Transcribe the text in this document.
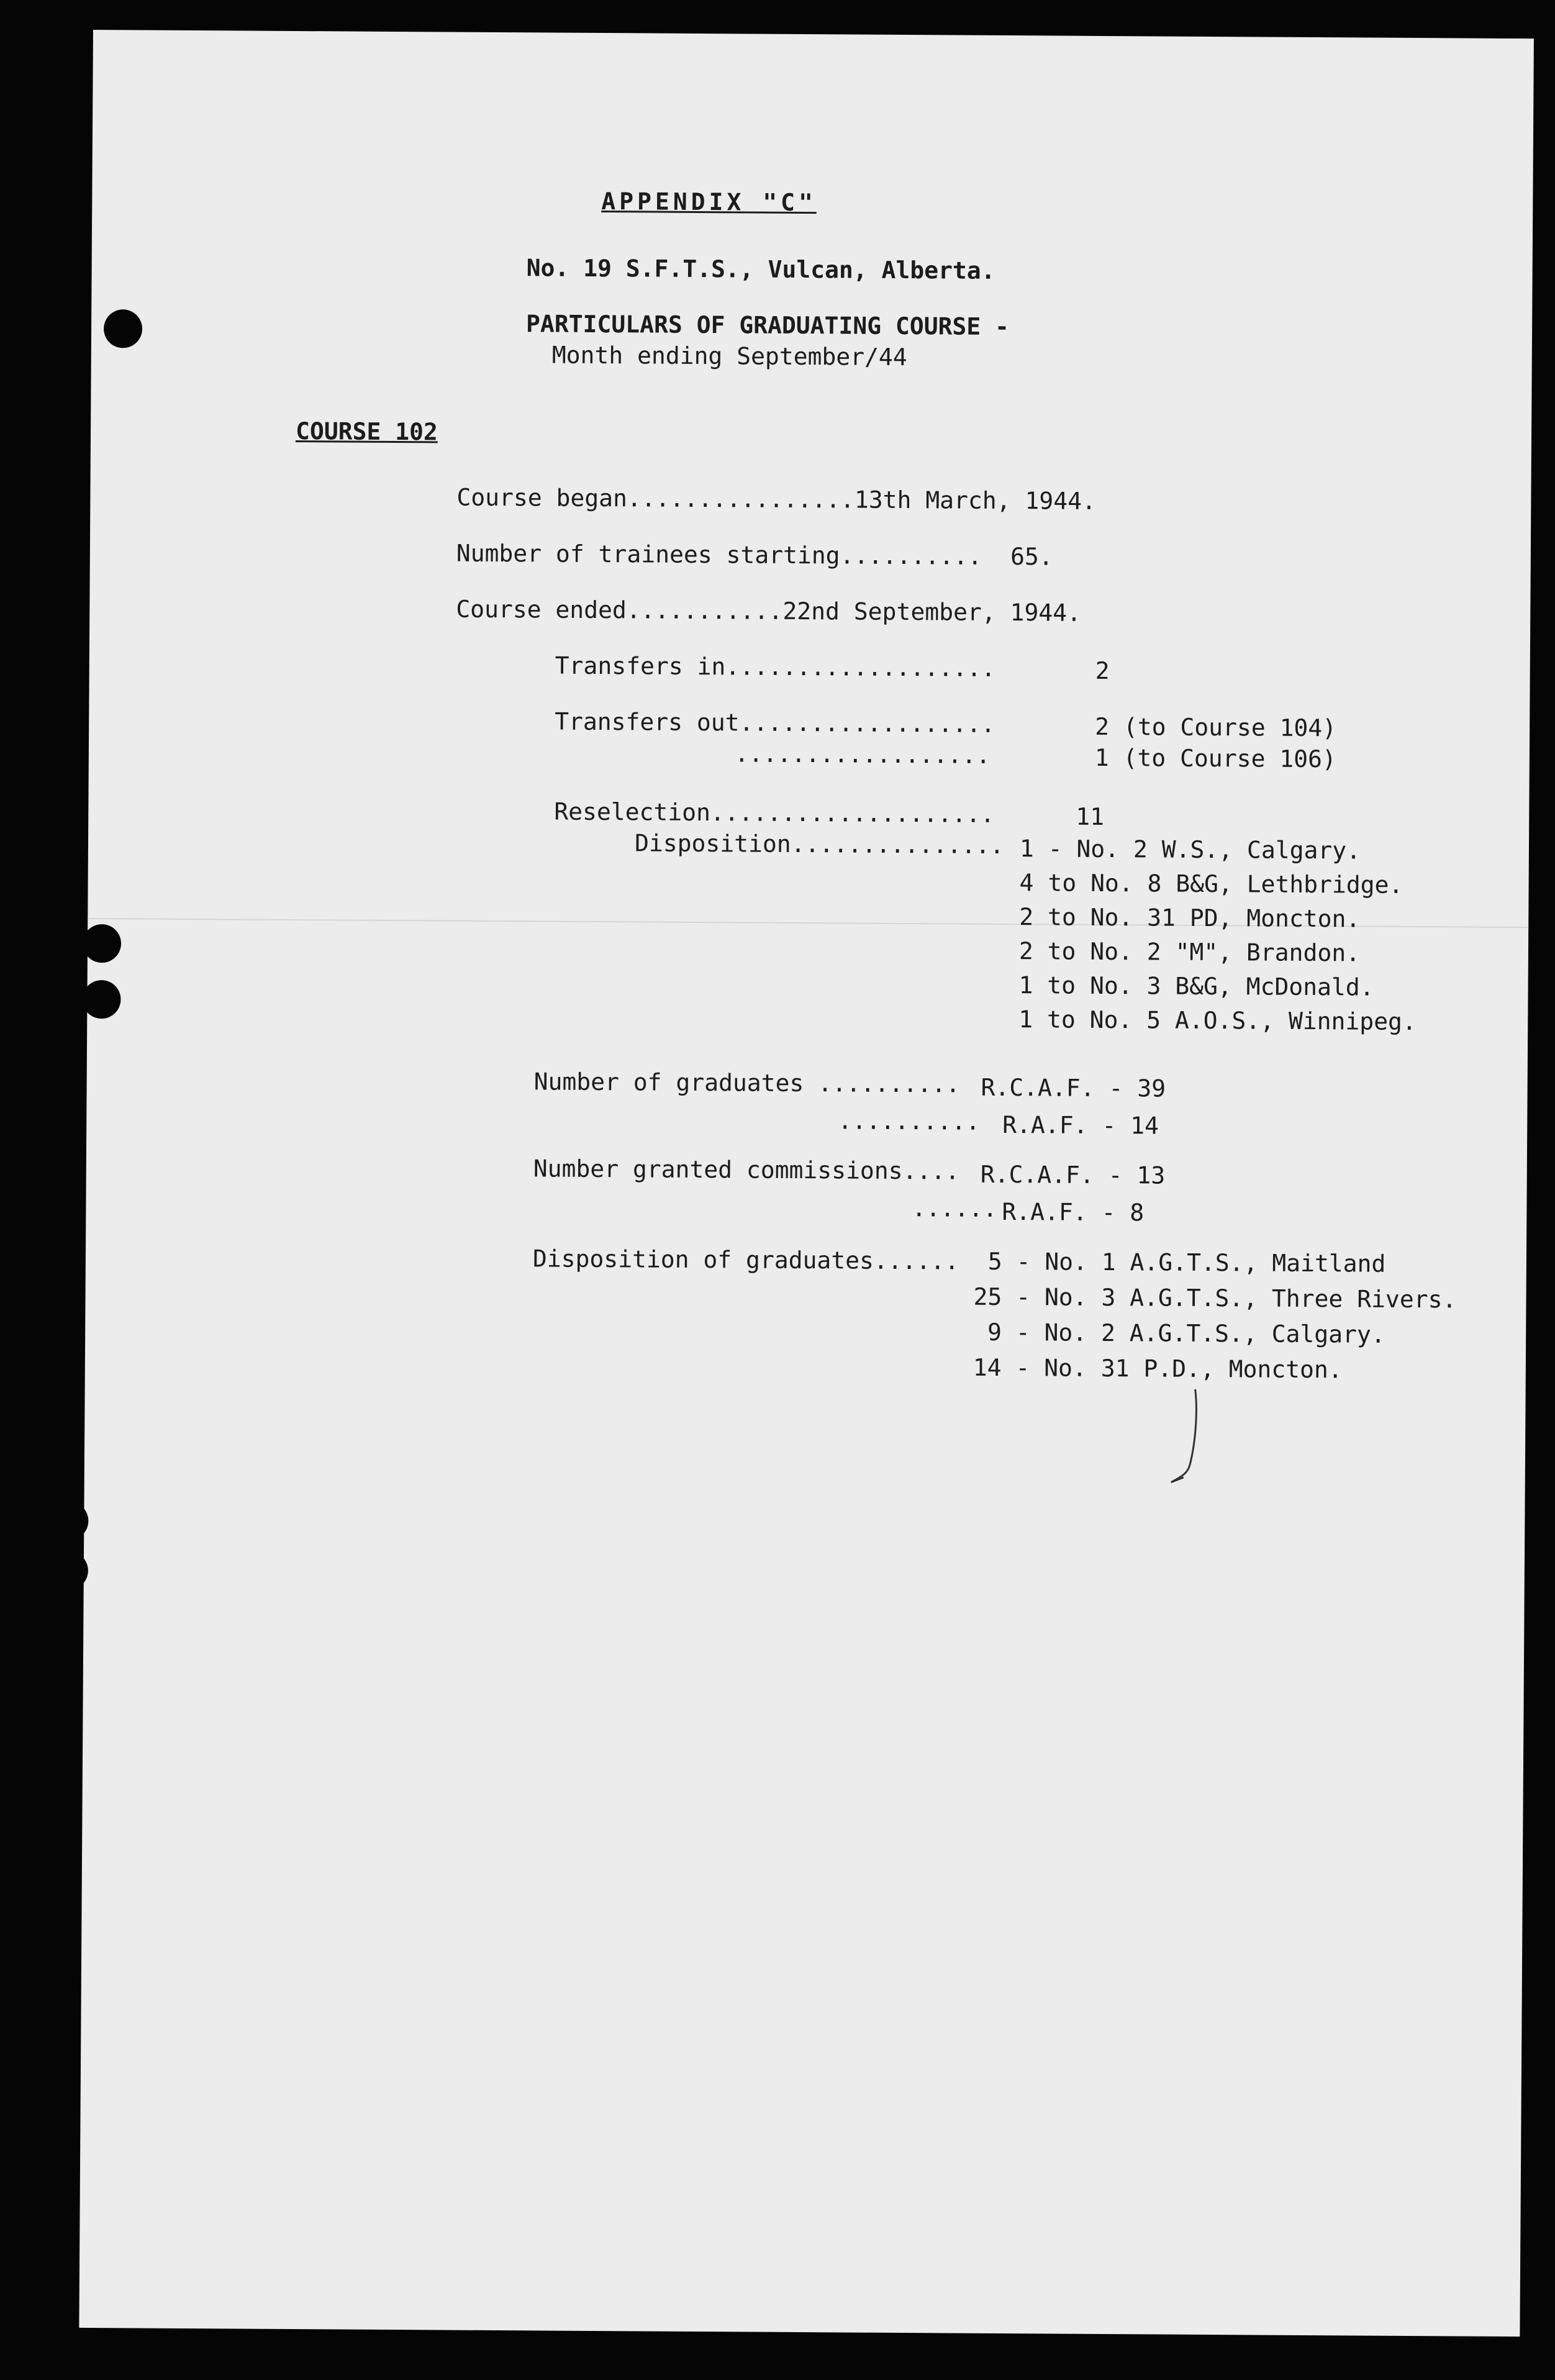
APPENDIX "C"
No. 19 S.F.T.S., Vulcan, Alberta.
PARTICULARS OF GRADUATING COURSE -
Month ending September/44
COURSE 102
Course began................13th March, 1944.
Number of trainees starting..........  65.
Course ended...........22nd September, 1944.
Transfers in...................	2
Transfers out..................	2 (to Course 104)
..................	1 (to Course 106)
Reselection....................	11
Disposition............... 1 - No. 2 W.S., Calgary.
4 to No. 8 B&G, Lethbridge.
2 to No. 31 PD, Moncton.
2 to No. 2 "M", Brandon.
1 to No. 3 B&G, McDonald.
1 to No. 5 A.O.S., Winnipeg.
Number of graduates .......... R.C.A.F. - 39
.......... R.A.F. - 14
Number granted commissions.... R.C.A.F. - 13
...... R.A.F. - 8
Disposition of graduates...... 5 - No. 1 A.G.T.S., Maitland
25 - No. 3 A.G.T.S., Three Rivers.
9 - No. 2 A.G.T.S., Calgary.
14 - No. 31 P.D., Moncton.
